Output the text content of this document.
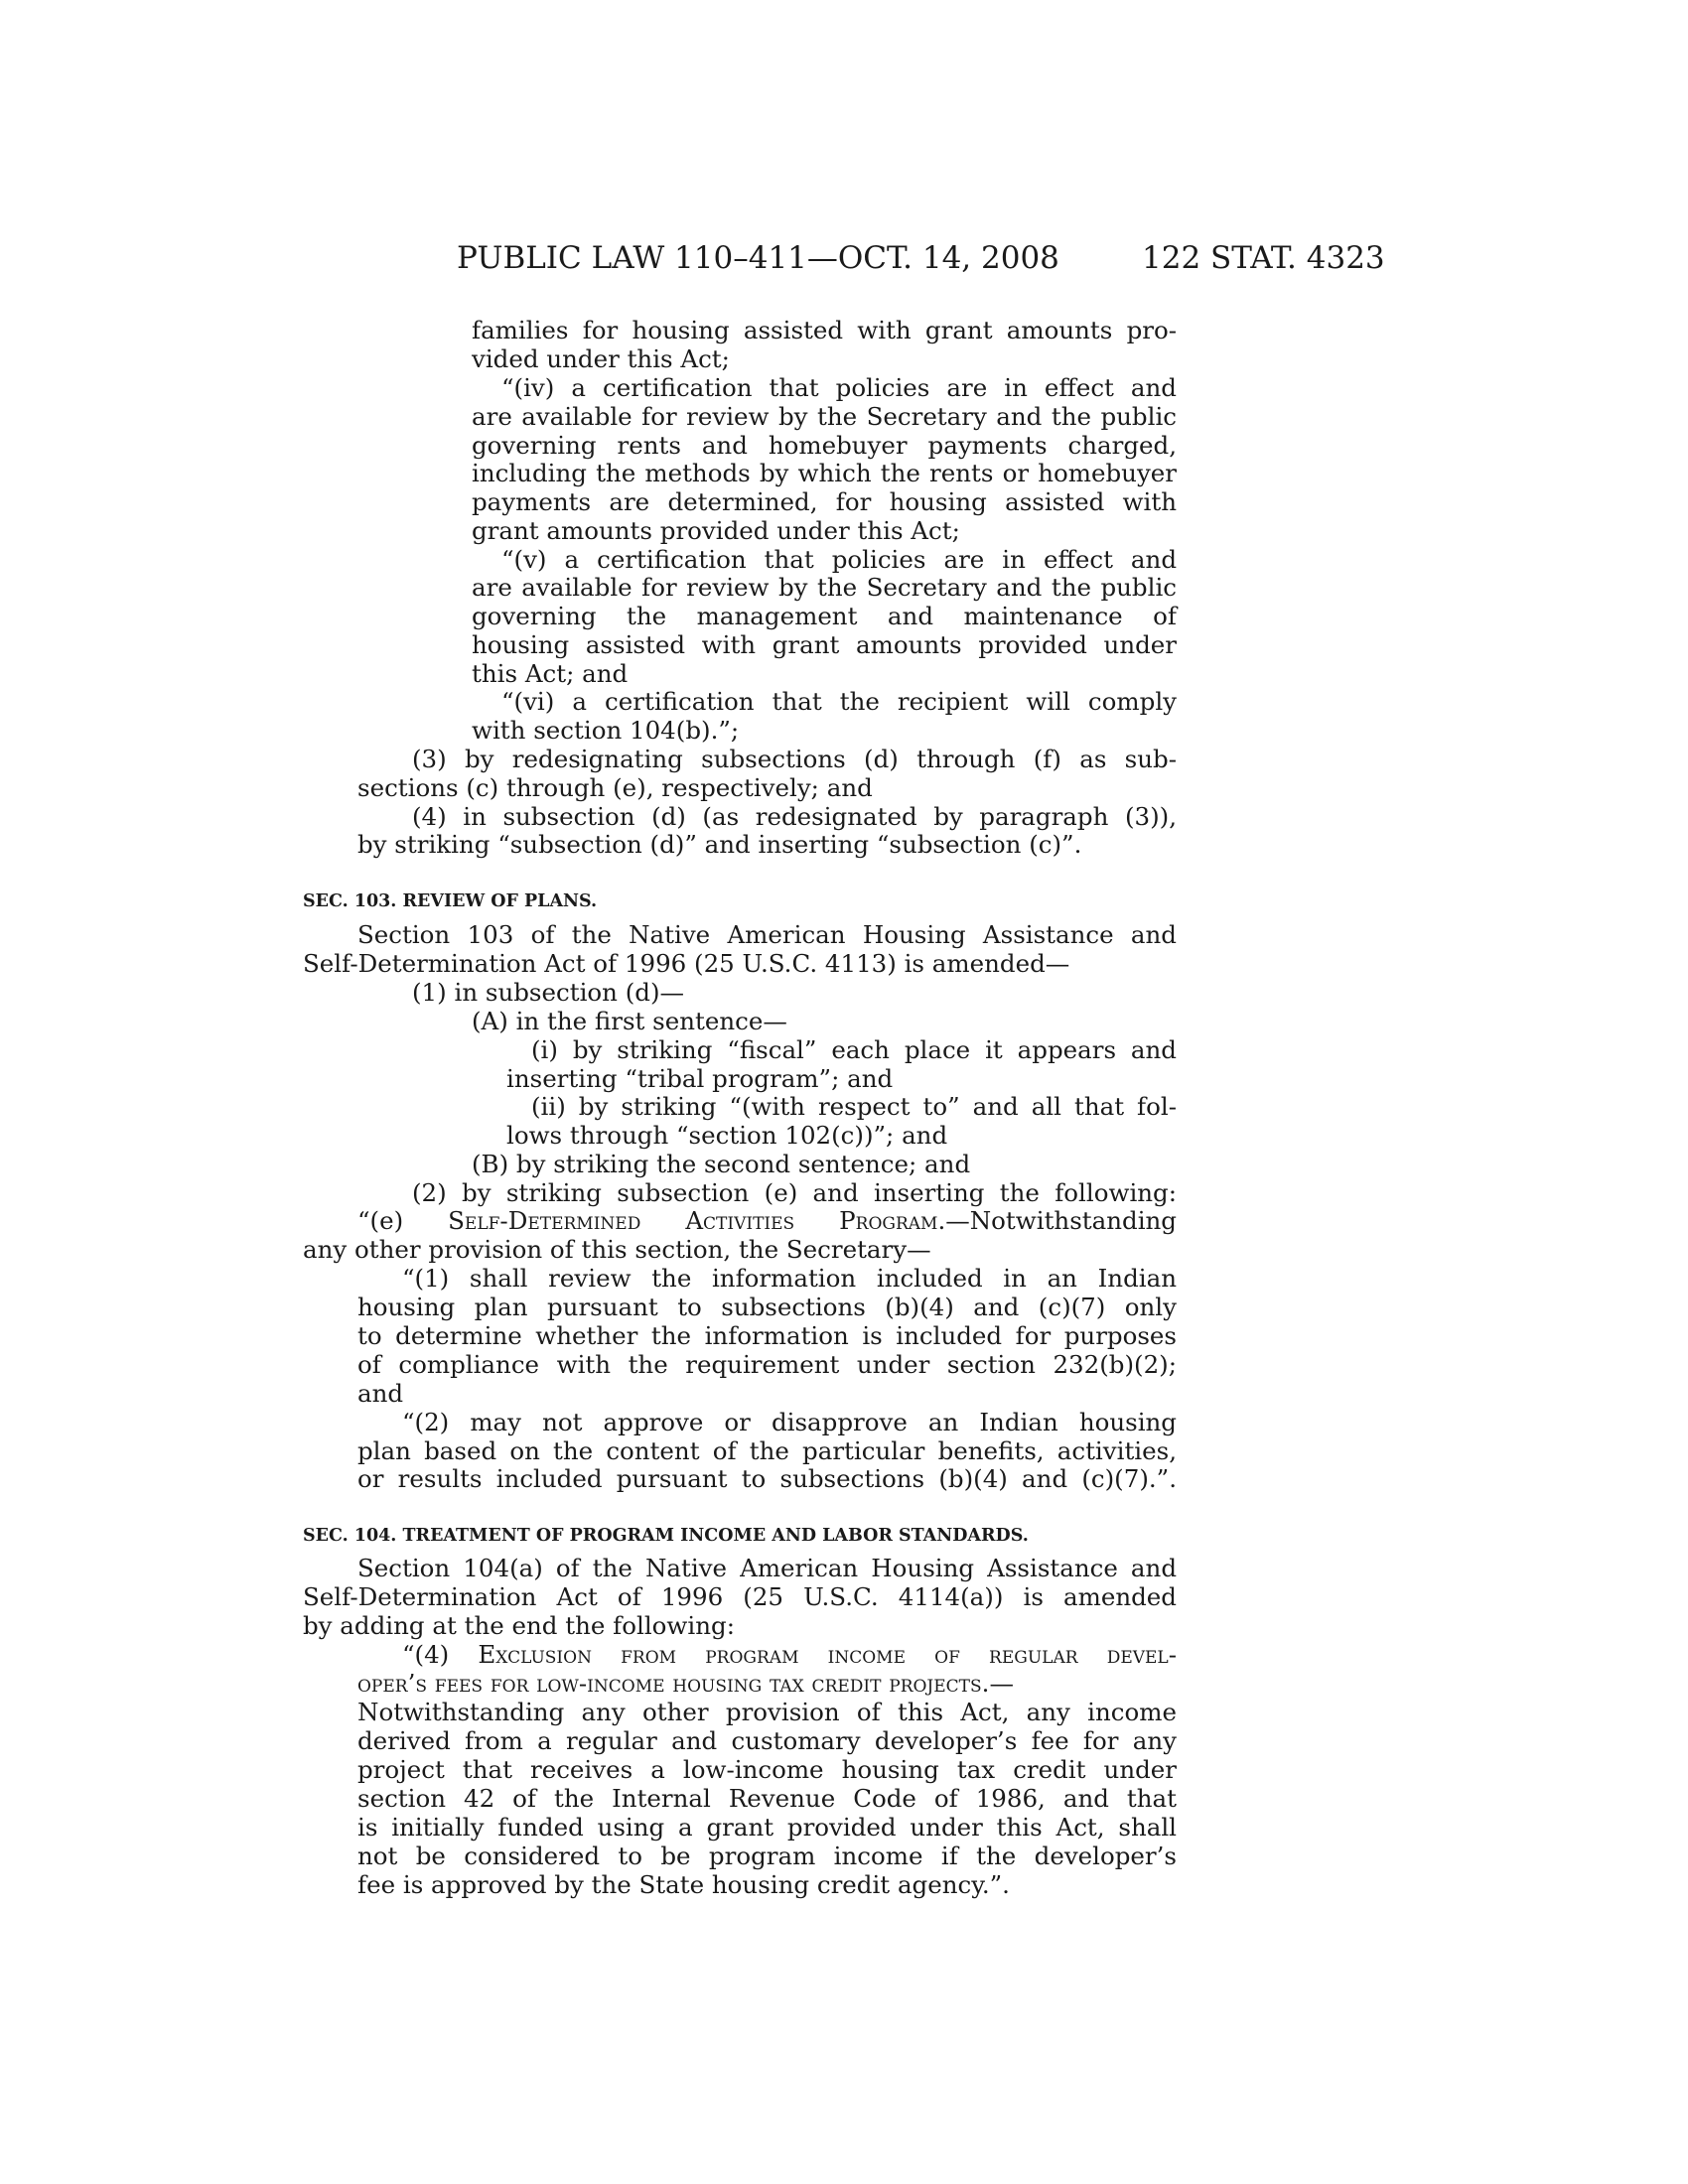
PUBLIC LAW 110–411—OCT. 14, 2008	122 STAT. 4323
families for housing assisted with grant amounts pro-
vided under this Act;
“(iv) a certification that policies are in effect and
are available for review by the Secretary and the public
governing rents and homebuyer payments charged,
including the methods by which the rents or homebuyer
payments are determined, for housing assisted with
grant amounts provided under this Act;
“(v) a certification that policies are in effect and
are available for review by the Secretary and the public
governing the management and maintenance of
housing assisted with grant amounts provided under
this Act; and
“(vi) a certification that the recipient will comply
with section 104(b).”;
(3) by redesignating subsections (d) through (f) as sub-
sections (c) through (e), respectively; and
(4) in subsection (d) (as redesignated by paragraph (3)),
by striking “subsection (d)” and inserting “subsection (c)”.
SEC. 103. REVIEW OF PLANS.
Section 103 of the Native American Housing Assistance and
Self-Determination Act of 1996 (25 U.S.C. 4113) is amended—
(1) in subsection (d)—
(A) in the first sentence—
(i) by striking “fiscal” each place it appears and
inserting “tribal program”; and
(ii) by striking “(with respect to” and all that fol-
lows through “section 102(c))”; and
(B) by striking the second sentence; and
(2) by striking subsection (e) and inserting the following:
“(e) Self-Determined Activities Program.—Notwithstanding
any other provision of this section, the Secretary—
“(1) shall review the information included in an Indian
housing plan pursuant to subsections (b)(4) and (c)(7) only
to determine whether the information is included for purposes
of compliance with the requirement under section 232(b)(2);
and
“(2) may not approve or disapprove an Indian housing
plan based on the content of the particular benefits, activities,
or results included pursuant to subsections (b)(4) and (c)(7).”.
SEC. 104. TREATMENT OF PROGRAM INCOME AND LABOR STANDARDS.
Section 104(a) of the Native American Housing Assistance and
Self-Determination Act of 1996 (25 U.S.C. 4114(a)) is amended
by adding at the end the following:
“(4) Exclusion from program income of regular devel-
oper’s fees for low-income housing tax credit projects.—
Notwithstanding any other provision of this Act, any income
derived from a regular and customary developer’s fee for any
project that receives a low-income housing tax credit under
section 42 of the Internal Revenue Code of 1986, and that
is initially funded using a grant provided under this Act, shall
not be considered to be program income if the developer’s
fee is approved by the State housing credit agency.”.
